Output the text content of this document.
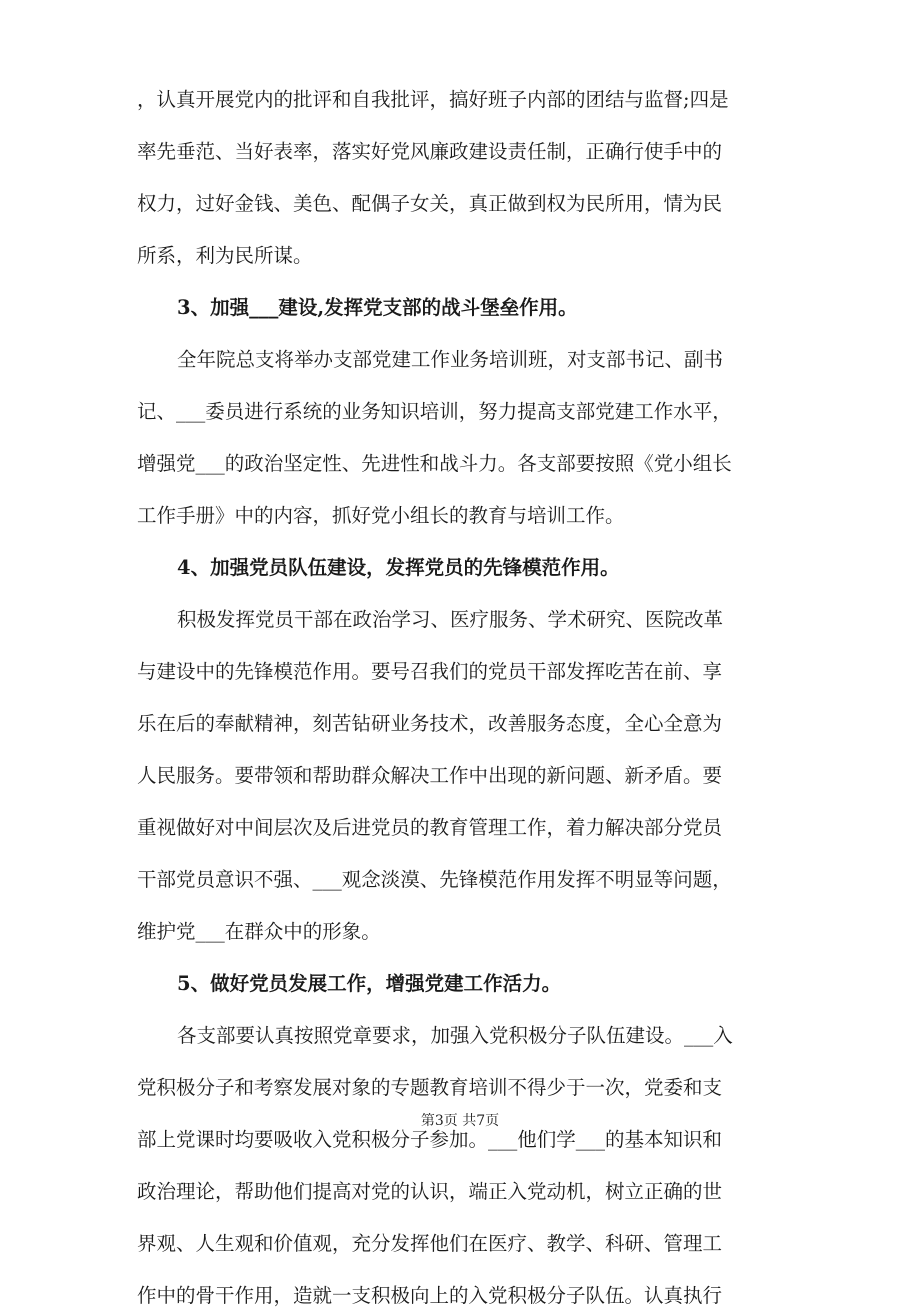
，认真开展党内的批评和自我批评，搞好班子内部的团结与监督;四是
率先垂范、当好表率，落实好党风廉政建设责任制，正确行使手中的
权力，过好金钱、美色、配偶子女关，真正做到权为民所用，情为民
所系，利为民所谋。
3、加强___建设,发挥党支部的战斗堡垒作用。
全年院总支将举办支部党建工作业务培训班，对支部书记、副书
记、___委员进行系统的业务知识培训，努力提高支部党建工作水平，
增强党___的政治坚定性、先进性和战斗力。各支部要按照《党小组长
工作手册》中的内容，抓好党小组长的教育与培训工作。
4、加强党员队伍建设，发挥党员的先锋模范作用。
积极发挥党员干部在政治学习、医疗服务、学术研究、医院改革
与建设中的先锋模范作用。要号召我们的党员干部发挥吃苦在前、享
乐在后的奉献精神，刻苦钻研业务技术，改善服务态度，全心全意为
人民服务。要带领和帮助群众解决工作中出现的新问题、新矛盾。要
重视做好对中间层次及后进党员的教育管理工作，着力解决部分党员
干部党员意识不强、___观念淡漠、先锋模范作用发挥不明显等问题，
维护党___在群众中的形象。
5、做好党员发展工作，增强党建工作活力。
各支部要认真按照党章要求，加强入党积极分子队伍建设。___入
党积极分子和考察发展对象的专题教育培训不得少于一次，党委和支
部上党课时均要吸收入党积极分子参加。___他们学___的基本知识和
政治理论，帮助他们提高对党的认识，端正入党动机，树立正确的世
界观、人生观和价值观，充分发挥他们在医疗、教学、科研、管理工
作中的骨干作用，造就一支积极向上的入党积极分子队伍。认真执行
第3页 共7页
